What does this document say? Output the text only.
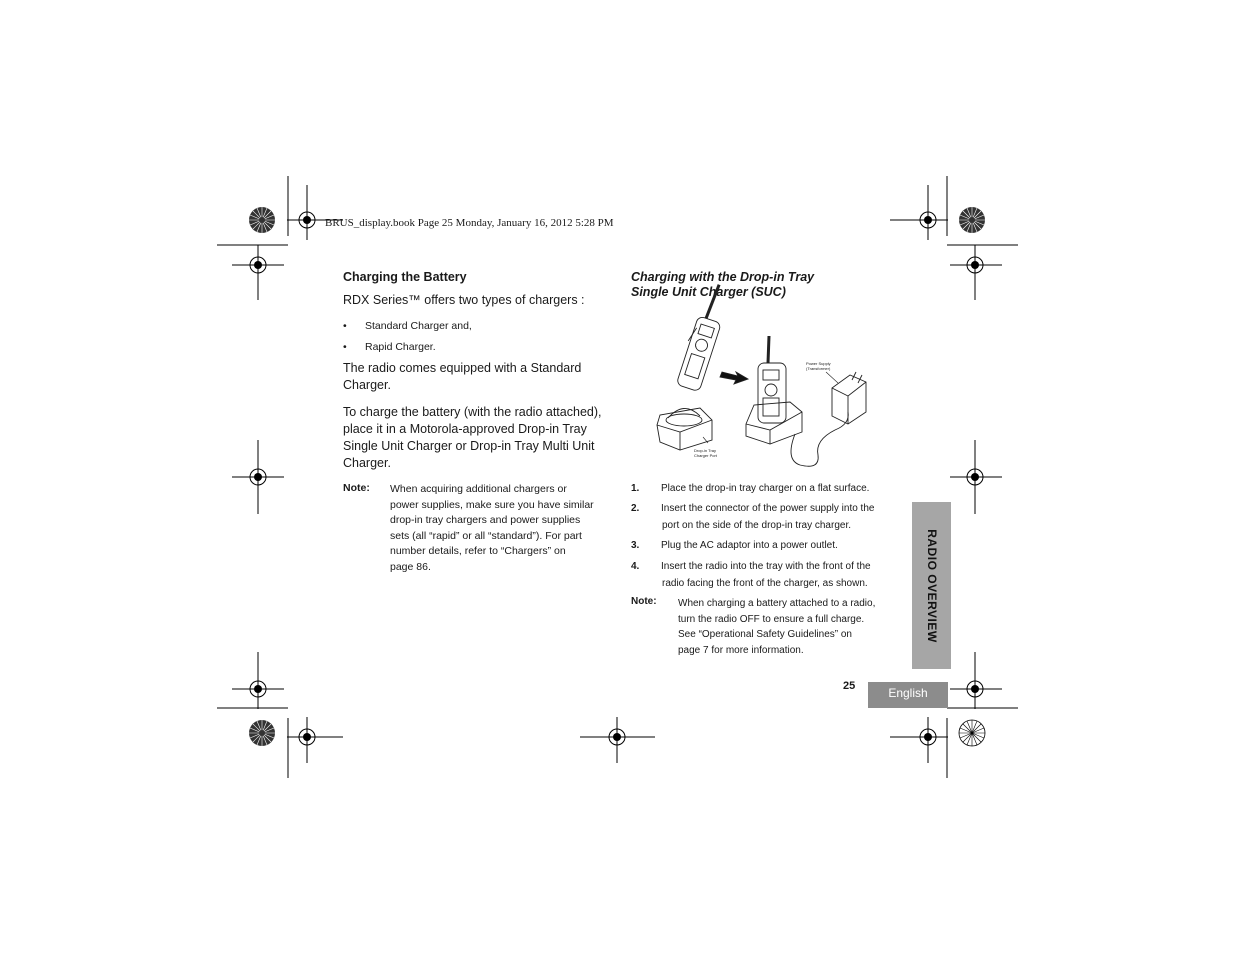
BRUS_display.book Page 25 Monday, January 16, 2012 5:28 PM
Charging the Battery
RDX Series™ offers two types of chargers :
• Standard Charger and,
• Rapid Charger.
The radio comes equipped with a Standard
Charger.
To charge the battery (with the radio attached),
place it in a Motorola-approved Drop-in Tray
Single Unit Charger or Drop-in Tray Multi Unit
Charger.
Note: When acquiring additional chargers or
power supplies, make sure you have similar
drop-in tray chargers and power supplies
sets (all “rapid” or all “standard”). For part
number details, refer to “Chargers” on
page 86.
Charging with the Drop-in Tray
Single Unit Charger (SUC)
Power Supply
(Transformer)
Drop-in Tray
Charger Port
1. Place the drop-in tray charger on a flat surface.
2. Insert the connector of the power supply into the
port on the side of the drop-in tray charger.
3. Plug the AC adaptor into a power outlet.
4. Insert the radio into the tray with the front of the
radio facing the front of the charger, as shown.
Note: When charging a battery attached to a radio,
turn the radio OFF to ensure a full charge.
See “Operational Safety Guidelines” on
page 7 for more information.
RADIO OVERVIEW
25	English
